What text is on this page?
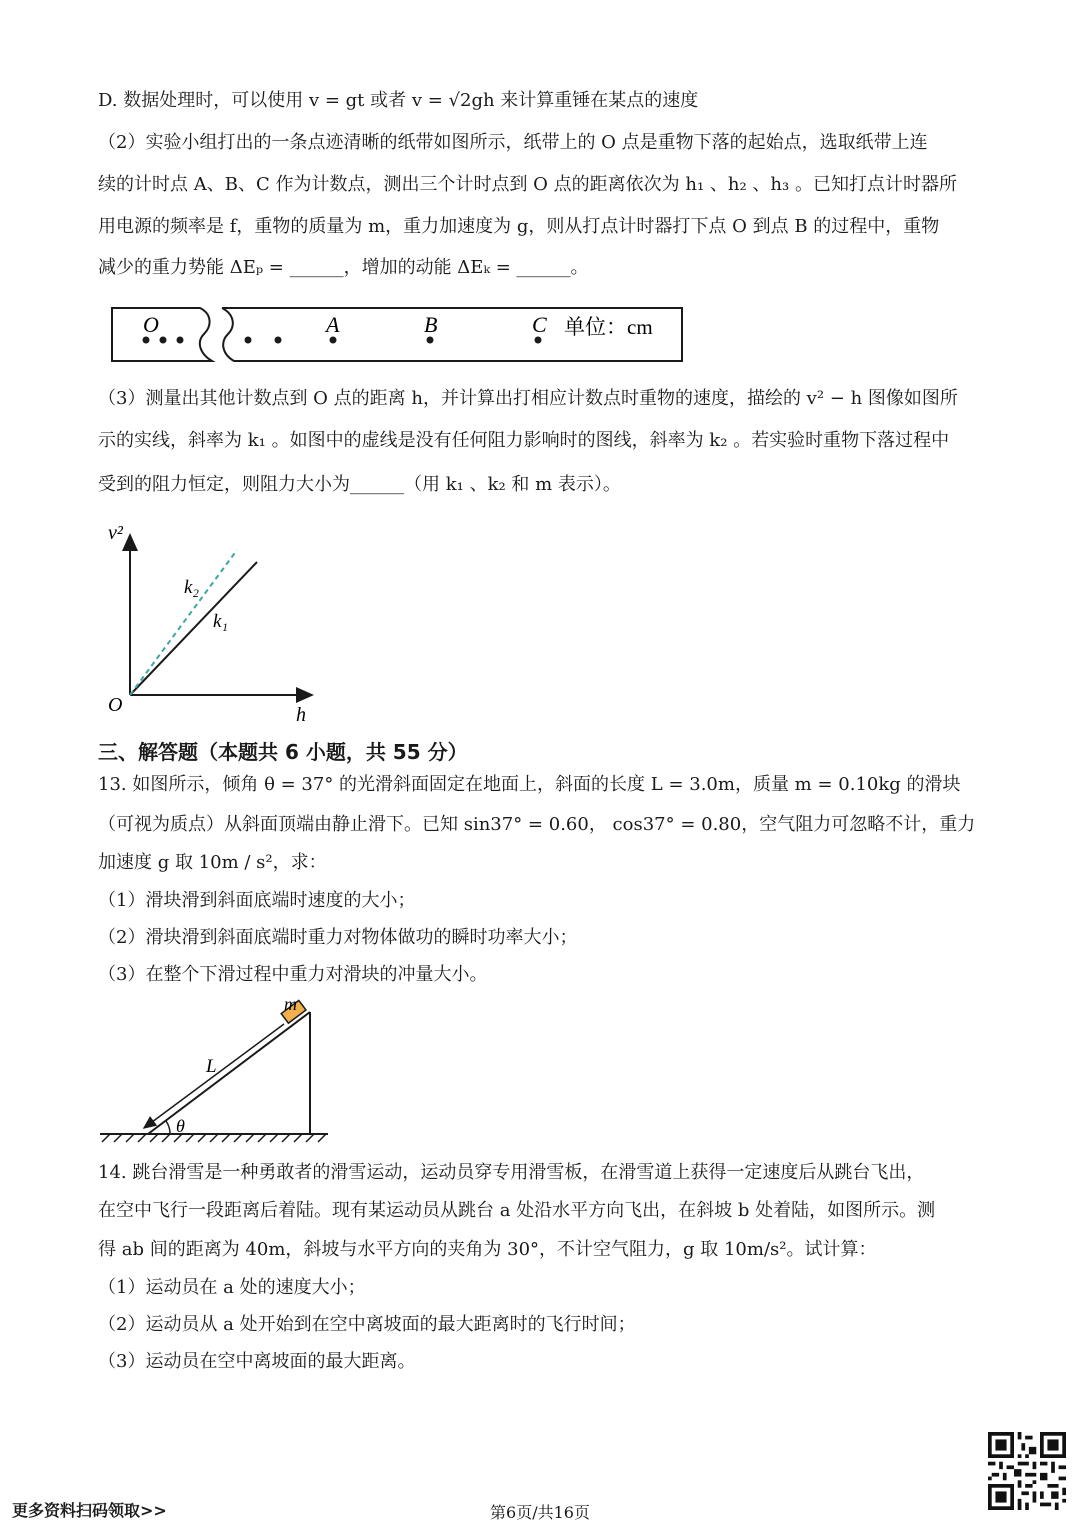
D. 数据处理时，可以使用 v = gt 或者 v = √2gh 来计算重锤在某点的速度
（2）实验小组打出的一条点迹清晰的纸带如图所示，纸带上的 O 点是重物下落的起始点，选取纸带上连
续的计时点 A、B、C 作为计数点，测出三个计时点到 O 点的距离依次为 h₁ 、h₂ 、h₃ 。已知打点计时器所
用电源的频率是 f，重物的质量为 m，重力加速度为 g，则从打点计时器打下点 O 到点 B 的过程中，重物
减少的重力势能 ΔEₚ = ______，增加的动能 ΔEₖ = ______。
O	A	B	C 单位：cm
（3）测量出其他计数点到 O 点的距离 h，并计算出打相应计数点时重物的速度，描绘的 v² − h 图像如图所
示的实线，斜率为 k₁ 。如图中的虚线是没有任何阻力影响时的图线，斜率为 k₂ 。若实验时重物下落过程中
受到的阻力恒定，则阻力大小为______（用 k₁ 、k₂ 和 m 表示）。
v²
h
O
k₂
k₁
三、解答题（本题共 6 小题，共 55 分）
13. 如图所示，倾角 θ = 37° 的光滑斜面固定在地面上，斜面的长度 L = 3.0m，质量 m = 0.10kg 的滑块
（可视为质点）从斜面顶端由静止滑下。已知 sin37° = 0.60， cos37° = 0.80，空气阻力可忽略不计，重力
加速度 g 取 10m / s²，求：
（1）滑块滑到斜面底端时速度的大小；
（2）滑块滑到斜面底端时重力对物体做功的瞬时功率大小；
（3）在整个下滑过程中重力对滑块的冲量大小。
θ
L
m
14. 跳台滑雪是一种勇敢者的滑雪运动，运动员穿专用滑雪板，在滑雪道上获得一定速度后从跳台飞出，
在空中飞行一段距离后着陆。现有某运动员从跳台 a 处沿水平方向飞出，在斜坡 b 处着陆，如图所示。测
得 ab 间的距离为 40m，斜坡与水平方向的夹角为 30°，不计空气阻力，g 取 10m/s²。试计算：
（1）运动员在 a 处的速度大小；
（2）运动员从 a 处开始到在空中离坡面的最大距离时的飞行时间；
（3）运动员在空中离坡面的最大距离。
更多资料扫码领取>>	第6页/共16页
